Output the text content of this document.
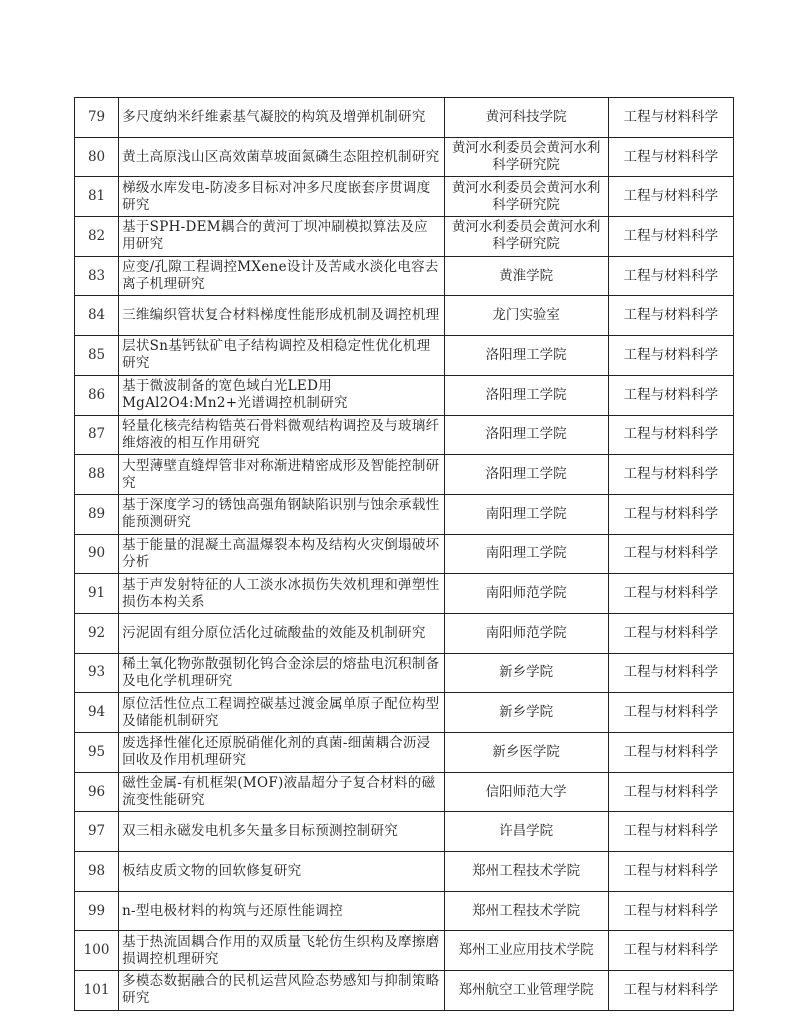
79	多尺度纳米纤维素基气凝胶的构筑及增弹机制研究	黄河科技学院	工程与材料科学
80	黄土高原浅山区高效菌草坡面氮磷生态阻控机制研究	黄河水利委员会黄河水利科学研究院	工程与材料科学
81	梯级水库发电-防凌多目标对冲多尺度嵌套序贯调度研究	黄河水利委员会黄河水利科学研究院	工程与材料科学
82	基于SPH-DEM耦合的黄河丁坝冲刷模拟算法及应用研究	黄河水利委员会黄河水利科学研究院	工程与材料科学
83	应变/孔隙工程调控MXene设计及苦咸水淡化电容去离子机理研究	黄淮学院	工程与材料科学
84	三维编织管状复合材料梯度性能形成机制及调控机理	龙门实验室	工程与材料科学
85	层状Sn基钙钛矿电子结构调控及相稳定性优化机理研究	洛阳理工学院	工程与材料科学
86	基于微波制备的宽色域白光LED用MgAl2O4:Mn2+光谱调控机制研究	洛阳理工学院	工程与材料科学
87	轻量化核壳结构锆英石骨料微观结构调控及与玻璃纤维熔液的相互作用研究	洛阳理工学院	工程与材料科学
88	大型薄壁直缝焊管非对称渐进精密成形及智能控制研究	洛阳理工学院	工程与材料科学
89	基于深度学习的锈蚀高强角钢缺陷识别与蚀余承载性能预测研究	南阳理工学院	工程与材料科学
90	基于能量的混凝土高温爆裂本构及结构火灾倒塌破坏分析	南阳理工学院	工程与材料科学
91	基于声发射特征的人工淡水冰损伤失效机理和弹塑性损伤本构关系	南阳师范学院	工程与材料科学
92	污泥固有组分原位活化过硫酸盐的效能及机制研究	南阳师范学院	工程与材料科学
93	稀土氧化物弥散强韧化钨合金涂层的熔盐电沉积制备及电化学机理研究	新乡学院	工程与材料科学
94	原位活性位点工程调控碳基过渡金属单原子配位构型及储能机制研究	新乡学院	工程与材料科学
95	废选择性催化还原脱硝催化剂的真菌-细菌耦合沥浸回收及作用机理研究	新乡医学院	工程与材料科学
96	磁性金属-有机框架(MOF)液晶超分子复合材料的磁流变性能研究	信阳师范大学	工程与材料科学
97	双三相永磁发电机多矢量多目标预测控制研究	许昌学院	工程与材料科学
98	板结皮质文物的回软修复研究	郑州工程技术学院	工程与材料科学
99	n-型电极材料的构筑与还原性能调控	郑州工程技术学院	工程与材料科学
100	基于热流固耦合作用的双质量飞轮仿生织构及摩擦磨损调控机理研究	郑州工业应用技术学院	工程与材料科学
101	多模态数据融合的民机运营风险态势感知与抑制策略研究	郑州航空工业管理学院	工程与材料科学
